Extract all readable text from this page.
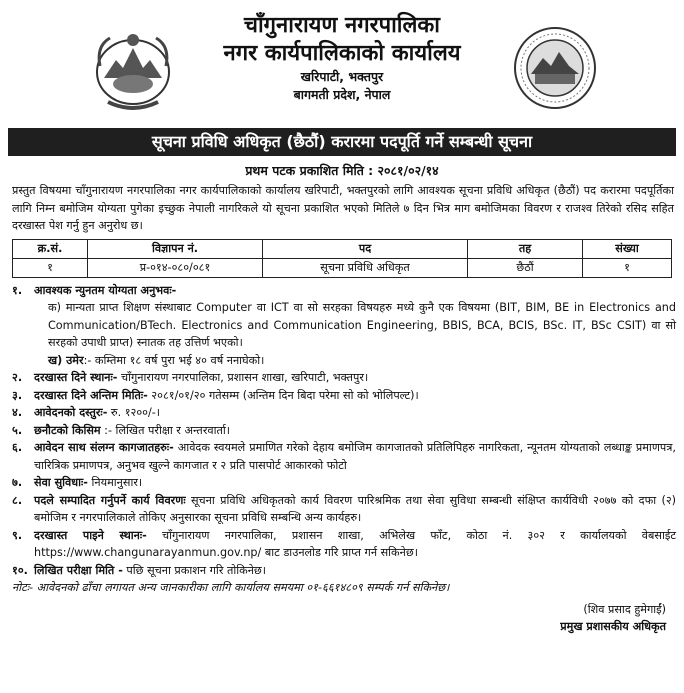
चाँगुनारायण नगरपालिका
नगर कार्यपालिकाको कार्यालय
खरिपाटी, भक्तपुर
बागमती प्रदेश, नेपाल
सूचना प्रविधि अधिकृत (छैठौं) करारमा पदपूर्ति गर्ने सम्बन्धी सूचना
प्रथम पटक प्रकाशित मिति : २०८१/०२/१४
प्रस्तुत विषयमा चाँगुनारायण नगरपालिका नगर कार्यपालिकाको कार्यालय खरिपाटी, भक्तपुरको लागि आवश्यक सूचना प्रविधि अधिकृत (छैठौं) पद करारमा पदपूर्तिका लागि निम्न बमोजिम योग्यता पुगेका इच्छुक नेपाली नागरिकले यो सूचना प्रकाशित भएको मितिले ७ दिन भित्र माग बमोजिमका विवरण र राजश्व तिरेको रसिद सहित दरखास्त पेश गर्नु हुन अनुरोध छ।
क्र.सं.	विज्ञापन नं.	पद	तह	संख्या
१	प्र-०१४-०८०/०८१	सूचना प्रविधि अधिकृत	छैठौं	१
१.	आवश्यक न्युनतम योग्यता अनुभवः-
क) मान्यता प्राप्त शिक्षण संस्थाबाट Computer वा ICT वा सो सरहका विषयहरु मध्ये कुनै एक विषयमा (BIT, BIM, BE in Electronics and Communication/BTech. Electronics and Communication Engineering, BBIS, BCA, BCIS, BSc. IT, BSc CSIT) वा सो सरहको उपाधी प्राप्त) स्नातक तह उत्तिर्ण भएको।
ख) उमेर:- कम्तिमा १८ वर्ष पुरा भई ४० वर्ष ननाघेको।
२.	दरखास्त दिने स्थानः- चाँगुनारायण नगरपालिका, प्रशासन शाखा, खरिपाटी, भक्तपुर।
३.	दरखास्त दिने अन्तिम मितिः- २०८१/०१/२० गतेसम्म (अन्तिम दिन बिदा परेमा सो को भोलिपल्ट)।
४.	आवेदनको दस्तुरः- रु. १२००/-।
५.	छनौटको किसिम :- लिखित परीक्षा र अन्तरवार्ता।
६.	आवेदन साथ संलग्न कागजातहरुः- आवेदक स्वयमले प्रमाणित गरेको देहाय बमोजिम कागजातको प्रतिलिपिहरु नागरिकता, न्यूनतम योग्यताको लब्धाङ्क प्रमाणपत्र, चारित्रिक प्रमाणपत्र, अनुभव खुल्ने कागजात र २ प्रति पासपोर्ट आकारको फोटो
७.	सेवा सुविधाः- नियमानुसार।
८.	पदले सम्पादित गर्नुपर्ने कार्य विवरणः सूचना प्रविधि अधिकृतको कार्य विवरण पारिश्रमिक तथा सेवा सुविधा सम्बन्धी संक्षिप्त कार्यविधी २०७७ को दफा (२) बमोजिम र नगरपालिकाले तोकिए अनुसारका सूचना प्रविधि सम्बन्धि अन्य कार्यहरु।
९.	दरखास्त पाइने स्थानः- चाँगुनारायण नगरपालिका, प्रशासन शाखा, अभिलेख फाँट, कोठा नं. ३०२ र कार्यालयको वेबसाईट https://www.changunarayanmun.gov.np/ बाट डाउनलोड गरि प्राप्त गर्न सकिनेछ।
१०. लिखित परीक्षा मिति - पछि सूचना प्रकाशन गरि तोकिनेछ।
नोटः- आवेदनको ढाँचा लगायत अन्य जानकारीका लागि कार्यालय समयमा ०१-६६१४८०९ सम्पर्क गर्न सकिनेछ।
(शिव प्रसाद हुमेगाईं)
प्रमुख प्रशासकीय अधिकृत
